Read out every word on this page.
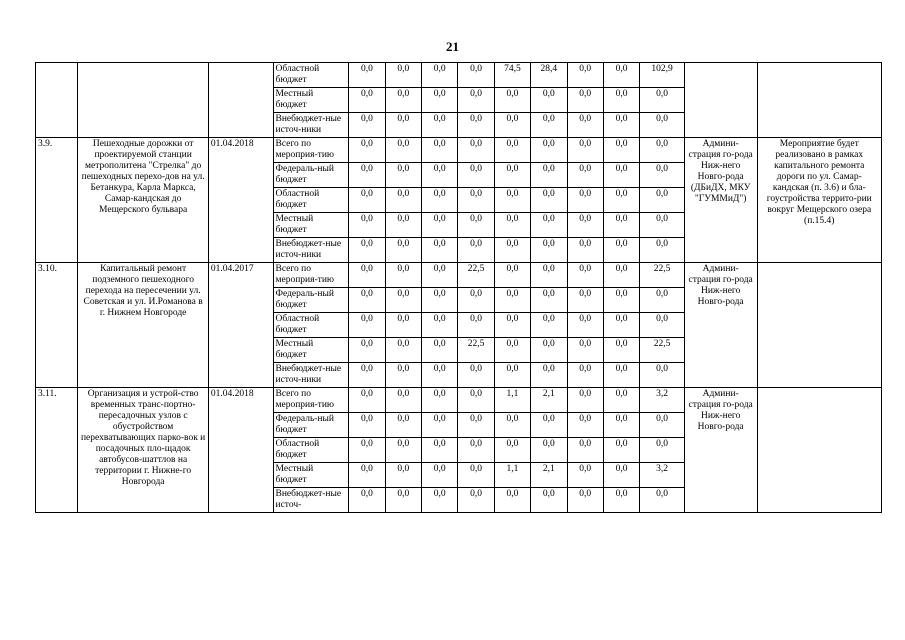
21
			Областной бюджет	0,0	0,0	0,0	0,0	74,5	28,4	0,0	0,0	102,9		
			Местный бюджет	0,0	0,0	0,0	0,0	0,0	0,0	0,0	0,0	0,0		
			Внебюджет-ные источ-ники	0,0	0,0	0,0	0,0	0,0	0,0	0,0	0,0	0,0		
3.9.	Пешеходные дорожки от проектируемой станции метрополитена "Стрелка" до пешеходных перехо-дов на ул. Бетанкура, Карла Маркса, Самар-кандская до Мещерского бульвара	01.04.2018	Всего по мероприя-тию	0,0	0,0	0,0	0,0	0,0	0,0	0,0	0,0	0,0	Админи-страция го-рода Ниж-него Новго-рода (ДБиДХ, МКУ "ГУММиД")	Мероприятие будет реализовано в рамках капитального ремонта дороги по ул. Самар-кандская (п. 3.6) и бла-гоустройства террито-рии вокруг Мещерского озера (п.15.4)
			Федераль-ный бюджет	0,0	0,0	0,0	0,0	0,0	0,0	0,0	0,0	0,0		
			Областной бюджет	0,0	0,0	0,0	0,0	0,0	0,0	0,0	0,0	0,0		
			Местный бюджет	0,0	0,0	0,0	0,0	0,0	0,0	0,0	0,0	0,0		
			Внебюджет-ные источ-ники	0,0	0,0	0,0	0,0	0,0	0,0	0,0	0,0	0,0		
3.10.	Капитальный ремонт подземного пешеходного перехода на пересечении ул. Советская и ул. И.Романова в г. Нижнем Новгороде	01.04.2017	Всего по мероприя-тию	0,0	0,0	0,0	22,5	0,0	0,0	0,0	0,0	22,5	Админи-страция го-рода Ниж-него Новго-рода	
			Федераль-ный бюджет	0,0	0,0	0,0	0,0	0,0	0,0	0,0	0,0	0,0		
			Областной бюджет	0,0	0,0	0,0	0,0	0,0	0,0	0,0	0,0	0,0		
			Местный бюджет	0,0	0,0	0,0	22,5	0,0	0,0	0,0	0,0	22,5		
			Внебюджет-ные источ-ники	0,0	0,0	0,0	0,0	0,0	0,0	0,0	0,0	0,0		
3.11.	Организация и устрой-ство временных транс-портно-пересадочных узлов с обустройством перехватывающих парко-вок и посадочных пло-щадок автобусов-шаттлов на территории г. Нижне-го Новгорода	01.04.2018	Всего по мероприя-тию	0,0	0,0	0,0	0,0	1,1	2,1	0,0	0,0	3,2	Админи-страция го-рода Ниж-него Новго-рода	
			Федераль-ный бюджет	0,0	0,0	0,0	0,0	0,0	0,0	0,0	0,0	0,0		
			Областной бюджет	0,0	0,0	0,0	0,0	0,0	0,0	0,0	0,0	0,0		
			Местный бюджет	0,0	0,0	0,0	0,0	1,1	2,1	0,0	0,0	3,2		
			Внебюджет-ные источ-	0,0	0,0	0,0	0,0	0,0	0,0	0,0	0,0	0,0		
